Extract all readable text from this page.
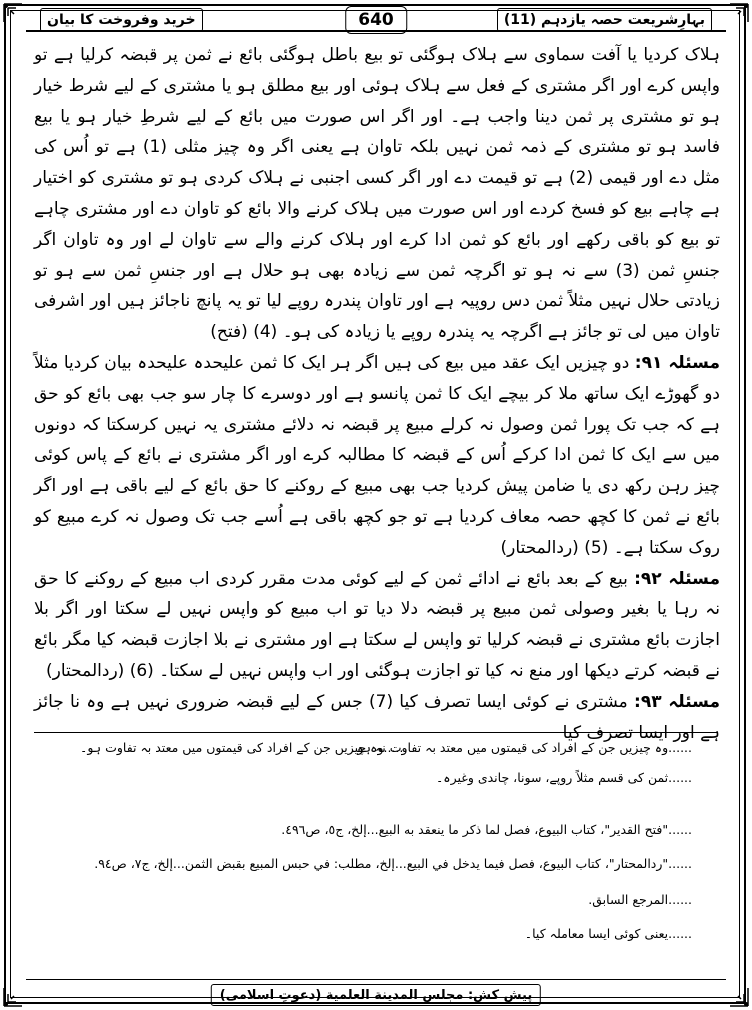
بہارِشریعت حصہ یازدہم (11)
640
خرید وفروخت کا بیان

ہلاک کردیا یا آفت سماوی سے ہلاک ہوگئی تو بیع باطل ہوگئی بائع نے ثمن پر قبضہ کرلیا ہے تو واپس کرے اور اگر مشتری کے فعل سے ہلاک ہوئی اور بیع مطلق ہو یا مشتری کے لیے شرط خیار ہو تو مشتری پر ثمن دینا واجب ہے۔ اور اگر اس صورت میں بائع کے لیے شرطِ خیار ہو یا بیع فاسد ہو تو مشتری کے ذمہ ثمن نہیں بلکہ تاوان ہے یعنی اگر وہ چیز مثلی (1) ہے تو اُس کی مثل دے اور قیمی (2) ہے تو قیمت دے اور اگر کسی اجنبی نے ہلاک کردی ہو تو مشتری کو اختیار ہے چاہے بیع کو فسخ کردے اور اس صورت میں ہلاک کرنے والا بائع کو تاوان دے اور مشتری چاہے تو بیع کو باقی رکھے اور بائع کو ثمن ادا کرے اور ہلاک کرنے والے سے تاوان لے اور وہ تاوان اگر جنسِ ثمن (3) سے نہ ہو تو اگرچہ ثمن سے زیادہ بھی ہو حلال ہے اور جنسِ ثمن سے ہو تو زیادتی حلال نہیں مثلاً ثمن دس روپیہ ہے اور تاوان پندرہ روپے لیا تو یہ پانچ ناجائز ہیں اور اشرفی تاوان میں لی تو جائز ہے اگرچہ یہ پندرہ روپے یا زیادہ کی ہو۔ (4) (فتح)

مسئلہ ۹۱: دو چیزیں ایک عقد میں بیع کی ہیں اگر ہر ایک کا ثمن علیحدہ علیحدہ بیان کردیا مثلاً دو گھوڑے ایک ساتھ ملا کر بیچے ایک کا ثمن پانسو ہے اور دوسرے کا چار سو جب بھی بائع کو حق ہے کہ جب تک پورا ثمن وصول نہ کرلے مبیع پر قبضہ نہ دلائے مشتری یہ نہیں کرسکتا کہ دونوں میں سے ایک کا ثمن ادا کرکے اُس کے قبضہ کا مطالبہ کرے اور اگر مشتری نے بائع کے پاس کوئی چیز رہن رکھ دی یا ضامن پیش کردیا جب بھی مبیع کے روکنے کا حق بائع کے لیے باقی ہے اور اگر بائع نے ثمن کا کچھ حصہ معاف کردیا ہے تو جو کچھ باقی ہے اُسے جب تک وصول نہ کرے مبیع کو روک سکتا ہے۔ (5) (ردالمحتار)

مسئلہ ۹۲: بیع کے بعد بائع نے ادائے ثمن کے لیے کوئی مدت مقرر کردی اب مبیع کے روکنے کا حق نہ رہا یا بغیر وصولی ثمن مبیع پر قبضہ دلا دیا تو اب مبیع کو واپس نہیں لے سکتا اور اگر بلا اجازت بائع مشتری نے قبضہ کرلیا تو واپس لے سکتا ہے اور مشتری نے بلا اجازت قبضہ کیا مگر بائع نے قبضہ کرتے دیکھا اور منع نہ کیا تو اجازت ہوگئی اور اب واپس نہیں لے سکتا۔ (6) (ردالمحتار)

مسئلہ ۹۳: مشتری نے کوئی ایسا تصرف کیا (7) جس کے لیے قبضہ ضروری نہیں ہے وہ نا جائز ہے اور ایسا تصرف کیا

......وہ چیزیں جن کے افراد کی قیمتوں میں معتد بہ تفاوت نہ ہو۔
......وہ چیزیں جن کے افراد کی قیمتوں میں معتد بہ تفاوت ہو۔
......ثمن کی قسم مثلاً روپے، سونا، چاندی وغیرہ۔
......"فتح القدير"، كتاب البيوع، فصل لما ذكر ما ينعقد به البيع...إلخ، ج٥، ص٤٩٦.
......"ردالمحتار"، كتاب البيوع، فصل فيما يدخل في البيع...إلخ، مطلب: في حبس المبيع بقبض الثمن...إلخ، ج٧، ص٩٤.
......المرجع السابق.
......یعنی کوئی ایسا معاملہ کیا۔
پیش کش: مجلس المدينة العلمية (دعوتِ اسلامی)
